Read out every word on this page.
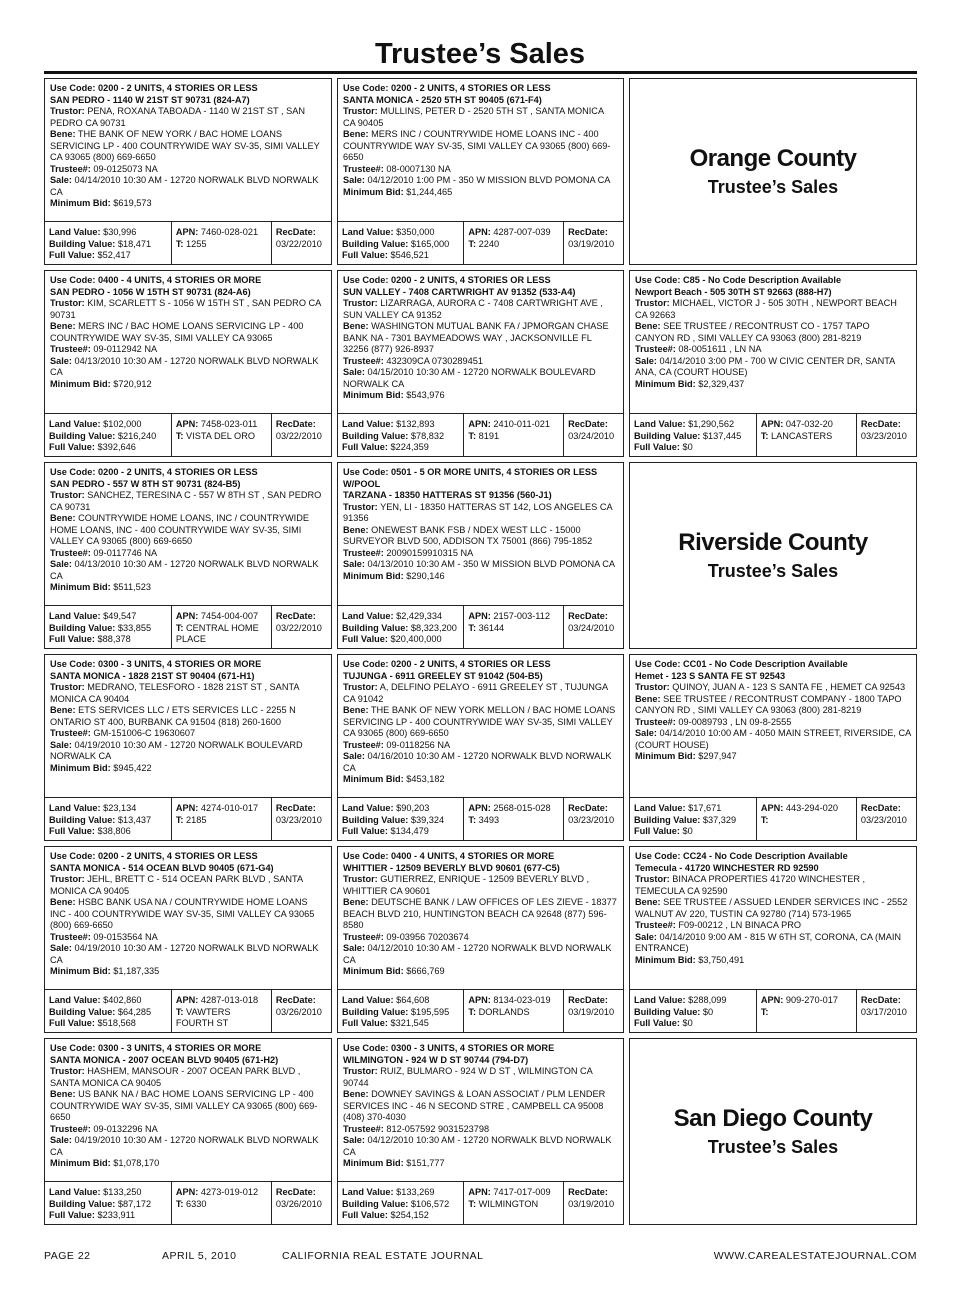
Trustee’s Sales
Use Code: 0200 - 2 UNITS, 4 STORIES OR LESS
SAN PEDRO - 1140 W 21ST ST 90731 (824-A7)
Trustor: PENA, ROXANA TABOADA - 1140 W 21ST ST , SAN PEDRO CA 90731
Bene: THE BANK OF NEW YORK / BAC HOME LOANS SERVICING LP - 400 COUNTRYWIDE WAY SV-35, SIMI VALLEY CA 93065 (800) 669-6650
Trustee#: 09-0125073 NA
Sale: 04/14/2010 10:30 AM - 12720 NORWALK BLVD NORWALK CA
Minimum Bid: $619,573
Land Value: $30,996
Building Value: $18,471
Full Value: $52,417
APN: 7460-028-021
T: 1255
RecDate:
03/22/2010
Use Code: 0400 - 4 UNITS, 4 STORIES OR MORE
SAN PEDRO - 1056 W 15TH ST 90731 (824-A6)
Trustor: KIM, SCARLETT S - 1056 W 15TH ST , SAN PEDRO CA 90731
Bene: MERS INC / BAC HOME LOANS SERVICING LP - 400 COUNTRYWIDE WAY SV-35, SIMI VALLEY CA 93065
Trustee#: 09-0112942 NA
Sale: 04/13/2010 10:30 AM - 12720 NORWALK BLVD NORWALK CA
Minimum Bid: $720,912
Land Value: $102,000
Building Value: $216,240
Full Value: $392,646
APN: 7458-023-011
T: VISTA DEL ORO
RecDate:
03/22/2010
Use Code: 0200 - 2 UNITS, 4 STORIES OR LESS
SAN PEDRO - 557 W 8TH ST 90731 (824-B5)
Trustor: SANCHEZ, TERESINA C - 557 W 8TH ST , SAN PEDRO CA 90731
Bene: COUNTRYWIDE HOME LOANS, INC / COUNTRYWIDE HOME LOANS, INC - 400 COUNTRYWIDE WAY SV-35, SIMI VALLEY CA 93065 (800) 669-6650
Trustee#: 09-0117746 NA
Sale: 04/13/2010 10:30 AM - 12720 NORWALK BLVD NORWALK CA
Minimum Bid: $511,523
Land Value: $49,547
Building Value: $33,855
Full Value: $88,378
APN: 7454-004-007
T: CENTRAL HOME PLACE
RecDate:
03/22/2010
Use Code: 0300 - 3 UNITS, 4 STORIES OR MORE
SANTA MONICA - 1828 21ST ST 90404 (671-H1)
Trustor: MEDRANO, TELESFORO - 1828 21ST ST , SANTA MONICA CA 90404
Bene: ETS SERVICES LLC / ETS SERVICES LLC - 2255 N ONTARIO ST 400, BURBANK CA 91504 (818) 260-1600
Trustee#: GM-151006-C 19630607
Sale: 04/19/2010 10:30 AM - 12720 NORWALK BOULEVARD NORWALK CA
Minimum Bid: $945,422
Land Value: $23,134
Building Value: $13,437
Full Value: $38,806
APN: 4274-010-017
T: 2185
RecDate:
03/23/2010
Use Code: 0200 - 2 UNITS, 4 STORIES OR LESS
SANTA MONICA - 514 OCEAN BLVD 90405 (671-G4)
Trustor: JEHL, BRETT C - 514 OCEAN PARK BLVD , SANTA MONICA CA 90405
Bene: HSBC BANK USA NA / COUNTRYWIDE HOME LOANS INC - 400 COUNTRYWIDE WAY SV-35, SIMI VALLEY CA 93065 (800) 669-6650
Trustee#: 09-0153564 NA
Sale: 04/19/2010 10:30 AM - 12720 NORWALK BLVD NORWALK CA
Minimum Bid: $1,187,335
Land Value: $402,860
Building Value: $64,285
Full Value: $518,568
APN: 4287-013-018
T: VAWTERS FOURTH ST
RecDate:
03/26/2010
Use Code: 0300 - 3 UNITS, 4 STORIES OR MORE
SANTA MONICA - 2007 OCEAN BLVD 90405 (671-H2)
Trustor: HASHEM, MANSOUR - 2007 OCEAN PARK BLVD , SANTA MONICA CA 90405
Bene: US BANK NA / BAC HOME LOANS SERVICING LP - 400 COUNTRYWIDE WAY SV-35, SIMI VALLEY CA 93065 (800) 669-6650
Trustee#: 09-0132296 NA
Sale: 04/19/2010 10:30 AM - 12720 NORWALK BLVD NORWALK CA
Minimum Bid: $1,078,170
Land Value: $133,250
Building Value: $87,172
Full Value: $233,911
APN: 4273-019-012
T: 6330
RecDate:
03/26/2010
Use Code: 0200 - 2 UNITS, 4 STORIES OR LESS
SANTA MONICA - 2520 5TH ST 90405 (671-F4)
Trustor: MULLINS, PETER D - 2520 5TH ST , SANTA MONICA CA 90405
Bene: MERS INC / COUNTRYWIDE HOME LOANS INC - 400 COUNTRYWIDE WAY SV-35, SIMI VALLEY CA 93065 (800) 669-6650
Trustee#: 08-0007130 NA
Sale: 04/12/2010 1:00 PM - 350 W MISSION BLVD POMONA CA
Minimum Bid: $1,244,465
Land Value: $350,000
Building Value: $165,000
Full Value: $546,521
APN: 4287-007-039
T: 2240
RecDate:
03/19/2010
Use Code: 0200 - 2 UNITS, 4 STORIES OR LESS
SUN VALLEY - 7408 CARTWRIGHT AV 91352 (533-A4)
Trustor: LIZARRAGA, AURORA C - 7408 CARTWRIGHT AVE , SUN VALLEY CA 91352
Bene: WASHINGTON MUTUAL BANK FA / JPMORGAN CHASE BANK NA - 7301 BAYMEADOWS WAY , JACKSONVILLE FL 32256 (877) 926-8937
Trustee#: 432309CA 0730289451
Sale: 04/15/2010 10:30 AM - 12720 NORWALK BOULEVARD NORWALK CA
Minimum Bid: $543,976
Land Value: $132,893
Building Value: $78,832
Full Value: $224,359
APN: 2410-011-021
T: 8191
RecDate:
03/24/2010
Use Code: 0501 - 5 OR MORE UNITS, 4 STORIES OR LESS W/POOL
TARZANA - 18350 HATTERAS ST 91356 (560-J1)
Trustor: YEN, LI - 18350 HATTERAS ST 142, LOS ANGELES CA 91356
Bene: ONEWEST BANK FSB / NDEX WEST LLC - 15000 SURVEYOR BLVD 500, ADDISON TX 75001 (866) 795-1852
Trustee#: 20090159910315 NA
Sale: 04/13/2010 10:30 AM - 350 W MISSION BLVD POMONA CA
Minimum Bid: $290,146
Land Value: $2,429,334
Building Value: $8,323,200
Full Value: $20,400,000
APN: 2157-003-112
T: 36144
RecDate:
03/24/2010
Use Code: 0200 - 2 UNITS, 4 STORIES OR LESS
TUJUNGA - 6911 GREELEY ST 91042 (504-B5)
Trustor: A, DELFINO PELAYO - 6911 GREELEY ST , TUJUNGA CA 91042
Bene: THE BANK OF NEW YORK MELLON / BAC HOME LOANS SERVICING LP - 400 COUNTRYWIDE WAY SV-35, SIMI VALLEY CA 93065 (800) 669-6650
Trustee#: 09-0118256 NA
Sale: 04/16/2010 10:30 AM - 12720 NORWALK BLVD NORWALK CA
Minimum Bid: $453,182
Land Value: $90,203
Building Value: $39,324
Full Value: $134,479
APN: 2568-015-028
T: 3493
RecDate:
03/23/2010
Use Code: 0400 - 4 UNITS, 4 STORIES OR MORE
WHITTIER - 12509 BEVERLY BLVD 90601 (677-C5)
Trustor: GUTIERREZ, ENRIQUE - 12509 BEVERLY BLVD , WHITTIER CA 90601
Bene: DEUTSCHE BANK / LAW OFFICES OF LES ZIEVE - 18377 BEACH BLVD 210, HUNTINGTON BEACH CA 92648 (877) 596-8580
Trustee#: 09-03956 70203674
Sale: 04/12/2010 10:30 AM - 12720 NORWALK BLVD NORWALK CA
Minimum Bid: $666,769
Land Value: $64,608
Building Value: $195,595
Full Value: $321,545
APN: 8134-023-019
T: DORLANDS
RecDate:
03/19/2010
Use Code: 0300 - 3 UNITS, 4 STORIES OR MORE
WILMINGTON - 924 W D ST 90744 (794-D7)
Trustor: RUIZ, BULMARO - 924 W D ST , WILMINGTON CA 90744
Bene: DOWNEY SAVINGS & LOAN ASSOCIAT / PLM LENDER SERVICES INC - 46 N SECOND STRE , CAMPBELL CA 95008 (408) 370-4030
Trustee#: 812-057592 9031523798
Sale: 04/12/2010 10:30 AM - 12720 NORWALK BLVD NORWALK CA
Minimum Bid: $151,777
Land Value: $133,269
Building Value: $106,572
Full Value: $254,152
APN: 7417-017-009
T: WILMINGTON
RecDate:
03/19/2010
Orange County
Trustee’s Sales
Use Code: C85 - No Code Description Available
Newport Beach - 505 30TH ST 92663 (888-H7)
Trustor: MICHAEL, VICTOR J - 505 30TH , NEWPORT BEACH CA 92663
Bene: SEE TRUSTEE / RECONTRUST CO - 1757 TAPO CANYON RD , SIMI VALLEY CA 93063 (800) 281-8219
Trustee#: 08-0051611 , LN NA
Sale: 04/14/2010 3:00 PM - 700 W CIVIC CENTER DR, SANTA ANA, CA (COURT HOUSE)
Minimum Bid: $2,329,437
Land Value: $1,290,562
Building Value: $137,445
Full Value: $0
APN: 047-032-20
T: LANCASTERS
RecDate:
03/23/2010
Riverside County
Trustee’s Sales
Use Code: CC01 - No Code Description Available
Hemet - 123 S SANTA FE ST 92543
Trustor: QUINOY, JUAN A - 123 S SANTA FE , HEMET CA 92543
Bene: SEE TRUSTEE / RECONTRUST COMPANY - 1800 TAPO CANYON RD , SIMI VALLEY CA 93063 (800) 281-8219
Trustee#: 09-0089793 , LN 09-8-2555
Sale: 04/14/2010 10:00 AM - 4050 MAIN STREET, RIVERSIDE, CA (COURT HOUSE)
Minimum Bid: $297,947
Land Value: $17,671
Building Value: $37,329
Full Value: $0
APN: 443-294-020
T:
RecDate:
03/23/2010
Use Code: CC24 - No Code Description Available
Temecula - 41720 WINCHESTER RD 92590
Trustor: BINACA PROPERTIES 41720 WINCHESTER , TEMECULA CA 92590
Bene: SEE TRUSTEE / ASSUED LENDER SERVICES INC - 2552 WALNUT AV 220, TUSTIN CA 92780 (714) 573-1965
Trustee#: F09-00212 , LN BINACA PRO
Sale: 04/14/2010 9:00 AM - 815 W 6TH ST, CORONA, CA (MAIN ENTRANCE)
Minimum Bid: $3,750,491
Land Value: $288,099
Building Value: $0
Full Value: $0
APN: 909-270-017
T:
RecDate:
03/17/2010
San Diego County
Trustee’s Sales
PAGE 22	APRIL 5, 2010	CALIFORNIA REAL ESTATE JOURNAL	WWW.CAREALESTATEJOURNAL.COM
